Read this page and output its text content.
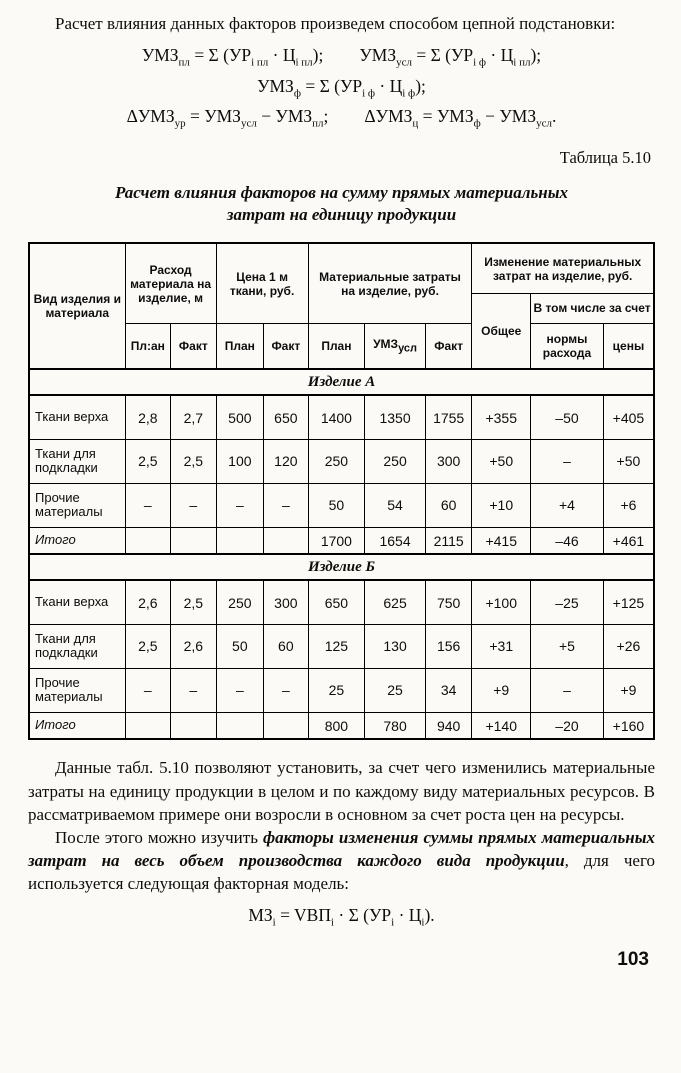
Расчет влияния данных факторов произведем способом цепной подстановки:

$УМЗ_{пл} = \Sigma$ $(УР_{i пл} \cdot Ц_{i пл})$; $УМЗ_{усл} = \Sigma$ $(УР_{i ф} \cdot Ц_{i пл})$;
$УМЗ_ф = \Sigma$ $(УР_{i ф} \cdot Ц_{i ф})$;
$\Delta УМЗ_{ур} = УМЗ_{усл} - УМЗ_{пл}$; $\Delta УМЗ_ц = УМЗ_ф - УМЗ_{усл}$.
Таблица 5.10
Расчет влияния факторов на сумму прямых материальных затрат на единицу продукции
Вид изделия и материала	Расход материала на изделие, м		Цена 1 м ткани, руб.		Материальные затраты на изделие, руб.			Изменение материальных затрат на изделие, руб.		
								Общее	В том числе за счет	
	Пл:ан	Факт	План	Факт	План	$УМЗ_{усл}$	Факт		нормы расхода	цены
Изделие А										
Ткани верха	2,8	2,7	500	650	1400	1350	1755	+355	–50	+405
Ткани для подкладки	2,5	2,5	100	120	250	250	300	+50	–	+50
Прочие материалы	–	–	–	–	50	54	60	+10	+4	+6
Итого					1700	1654	2115	+415	–46	+461
Изделие Б										
Ткани верха	2,6	2,5	250	300	650	625	750	+100	–25	+125
Ткани для подкладки	2,5	2,6	50	60	125	130	156	+31	+5	+26
Прочие материалы	–	–	–	–	25	25	34	+9	–	+9
Итого					800	780	940	+140	–20	+160

Данные табл. 5.10 позволяют установить, за счет чего изменились материальные затраты на единицу продукции в целом и по каждому виду материальных ресурсов. В рассматриваемом примере они возросли в основном за счет роста цен на ресурсы.

После этого можно изучить факторы изменения суммы прямых материальных затрат на весь объем производства каждого вида продукции, для чего используется следующая факторная модель:

$МЗ_i = VВП_i \cdot \Sigma$ $(УР_i \cdot Ц_i)$.
103
